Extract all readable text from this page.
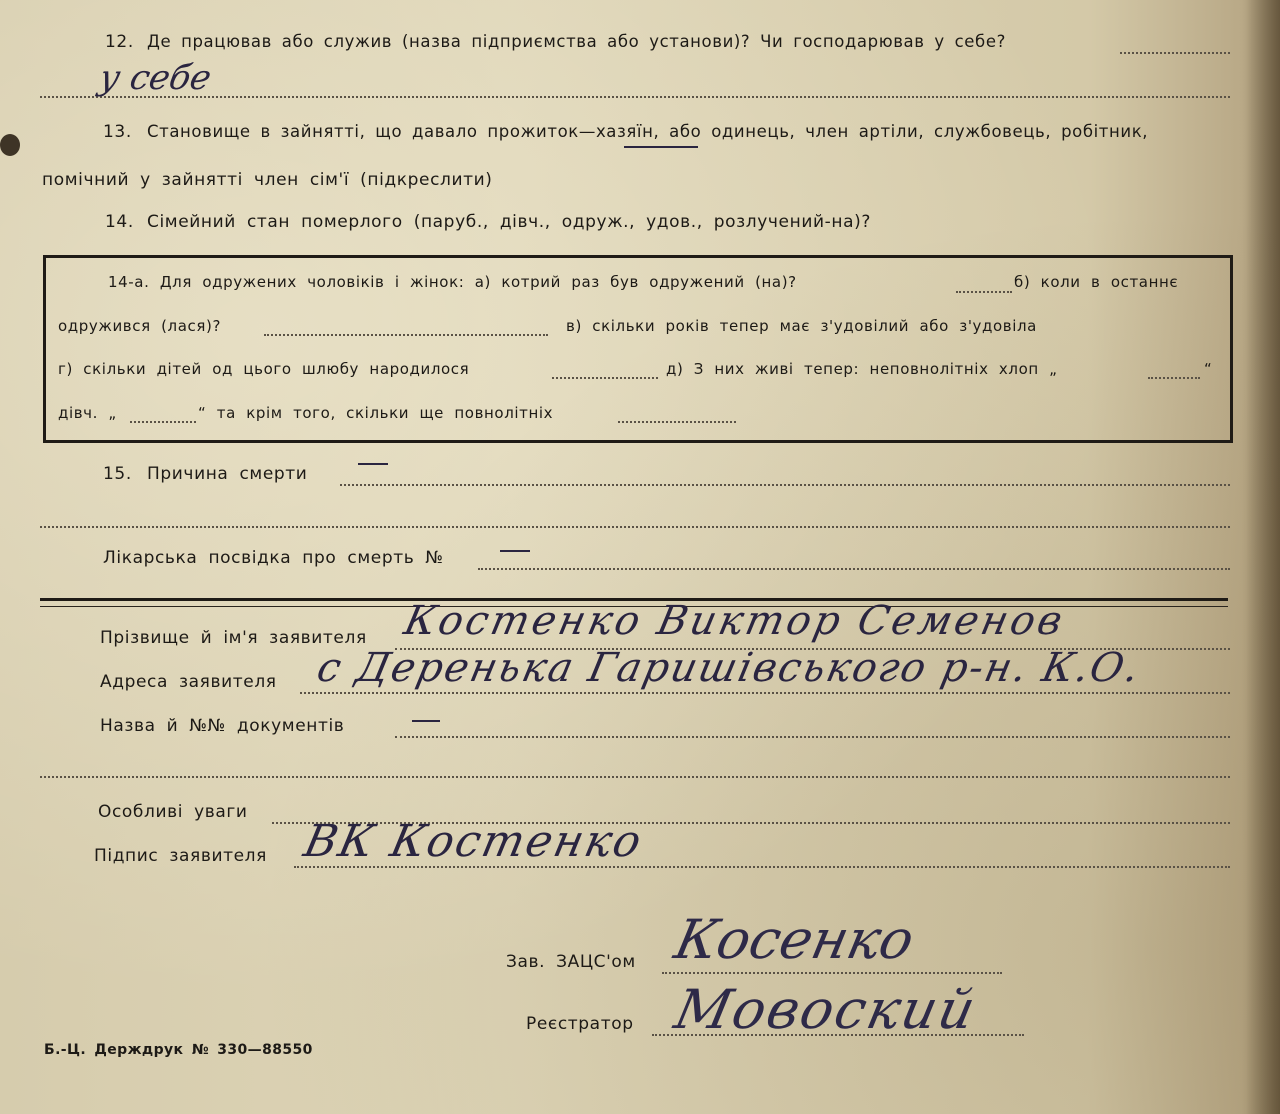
12. Де працював або служив (назва підприємства або установи)? Чи господарював у себе?
у себе
13. Становище в зайнятті, що давало прожиток—хазяїн, або одинець, член артіли, службовець, робітник,
помічний у зайнятті член сім'ї (підкреслити)
14. Сімейний стан померлого (паруб., дівч., одруж., удов., розлучений-на)?
14-а. Для одружених чоловіків і жінок: а) котрий раз був одружений (на)?	б) коли в останнє
одружився (лася)?	в) скільки років тепер має з'удовілий або з'удовіла
г) скільки дітей од цього шлюбу народилося	д) З них живі тепер: неповнолітніх хлоп „	“
дівч. „	“ та крім того, скільки ще повнолітніх
15. Причина смерти
Лікарська посвідка про смерть №
Прізвище й ім'я заявителя Костенко Виктор Семенов
Адреса заявителя с Деренька Гаришівського р-н. К.О.
Назва й №№ документів
Особливі уваги
Підпис заявителя ВК Костенко
Зав. ЗАЦС'ом Косенко
Реєстратор Мовоский
Б.-Ц. Держдрук № 330—88550
